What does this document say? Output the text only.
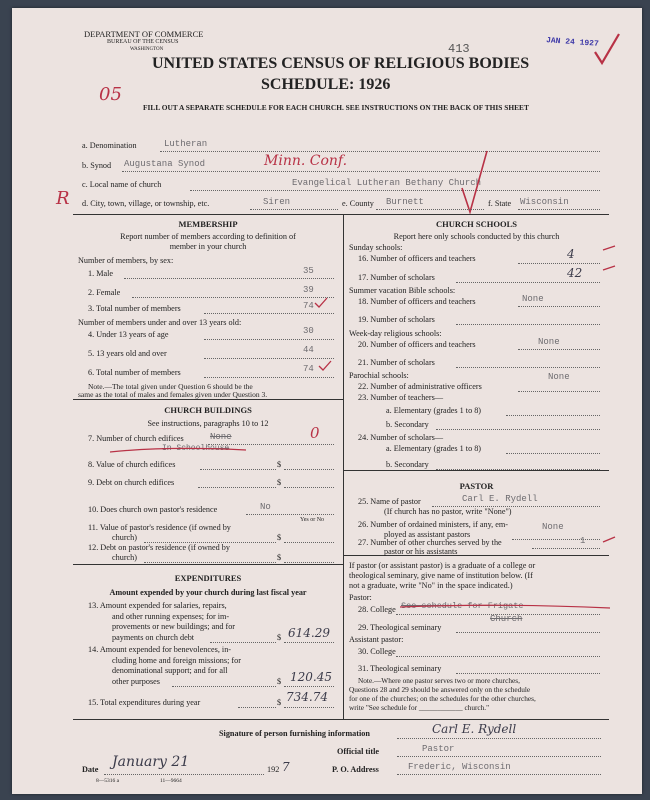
DEPARTMENT OF COMMERCE
BUREAU OF THE CENSUS
WASHINGTON
UNITED STATES CENSUS OF RELIGIOUS BODIES
SCHEDULE: 1926
FILL OUT A SEPARATE SCHEDULE FOR EACH CHURCH. SEE INSTRUCTIONS ON THE BACK OF THIS SHEET
413	JAN 24 1927
05
R
a. Denomination	Lutheran
b. Synod Augustana Synod	Minn. Conf.
c. Local name of church	Evangelical Lutheran Bethany Church
d. City, town, village, or township, etc.	Siren	e. County Burnett	f. State Wisconsin
MEMBERSHIP
Report number of members according to definition of
member in your church
Number of members, by sex:
1. Male	35
2. Female	39
3. Total number of members	74
Number of members under and over 13 years old:
4. Under 13 years of age	30
5. 13 years old and over	44
6. Total number of members	74
Note.—The total given under Question 6 should be the
same as the total of males and females given under Question 3.
CHURCH BUILDINGS
See instructions, paragraphs 10 to 12
7. Number of church edifices	None	0
In Schoolhouse
8. Value of church edifices	$
9. Debt on church edifices	$
10. Does church own pastor's residence	No
Yes or No
11. Value of pastor's residence (if owned by
church)	$
12. Debt on pastor's residence (if owned by
church)	$
EXPENDITURES
Amount expended by your church during last fiscal year
13. Amount expended for salaries, repairs,
and other running expenses; for im-
provements or new buildings; and for
payments on church debt	$ 614.29
14. Amount expended for benevolences, in-
cluding home and foreign missions; for
denominational support; and for all
other purposes	$ 120.45
15. Total expenditures during year	$ 734.74
CHURCH SCHOOLS
Report here only schools conducted by this church
Sunday schools:
16. Number of officers and teachers	4
17. Number of scholars	42
Summer vacation Bible schools:
18. Number of officers and teachers	None
19. Number of scholars
Week-day religious schools:
20. Number of officers and teachers	None
21. Number of scholars
Parochial schools:
22. Number of administrative officers
None
23. Number of teachers—
a. Elementary (grades 1 to 8)
b. Secondary
24. Number of scholars—
a. Elementary (grades 1 to 8)
b. Secondary
PASTOR
25. Name of pastor	Carl E. Rydell
(If church has no pastor, write "None")
26. Number of ordained ministers, if any, em-
ployed as assistant pastors
None
27. Number of other churches served by the
pastor or his assistants
1
If pastor (or assistant pastor) is a graduate of a college or
theological seminary, give name of institution below. (If
not a graduate, write "No" in the space indicated.)
Pastor:
28. College See schedule for Frigate
29. Theological seminary
Church
Assistant pastor:
30. College
31. Theological seminary
Note.—Where one pastor serves two or more churches,
Questions 28 and 29 should be answered only on the schedule
for one of the churches; on the schedules for the other churches,
write "See schedule for ____________ church."
Signature of person furnishing information	Carl E. Rydell
Official title	Pastor
Date January 21	192 7	P. O. Address	Frederic, Wisconsin
8—5316 a	11—9664
